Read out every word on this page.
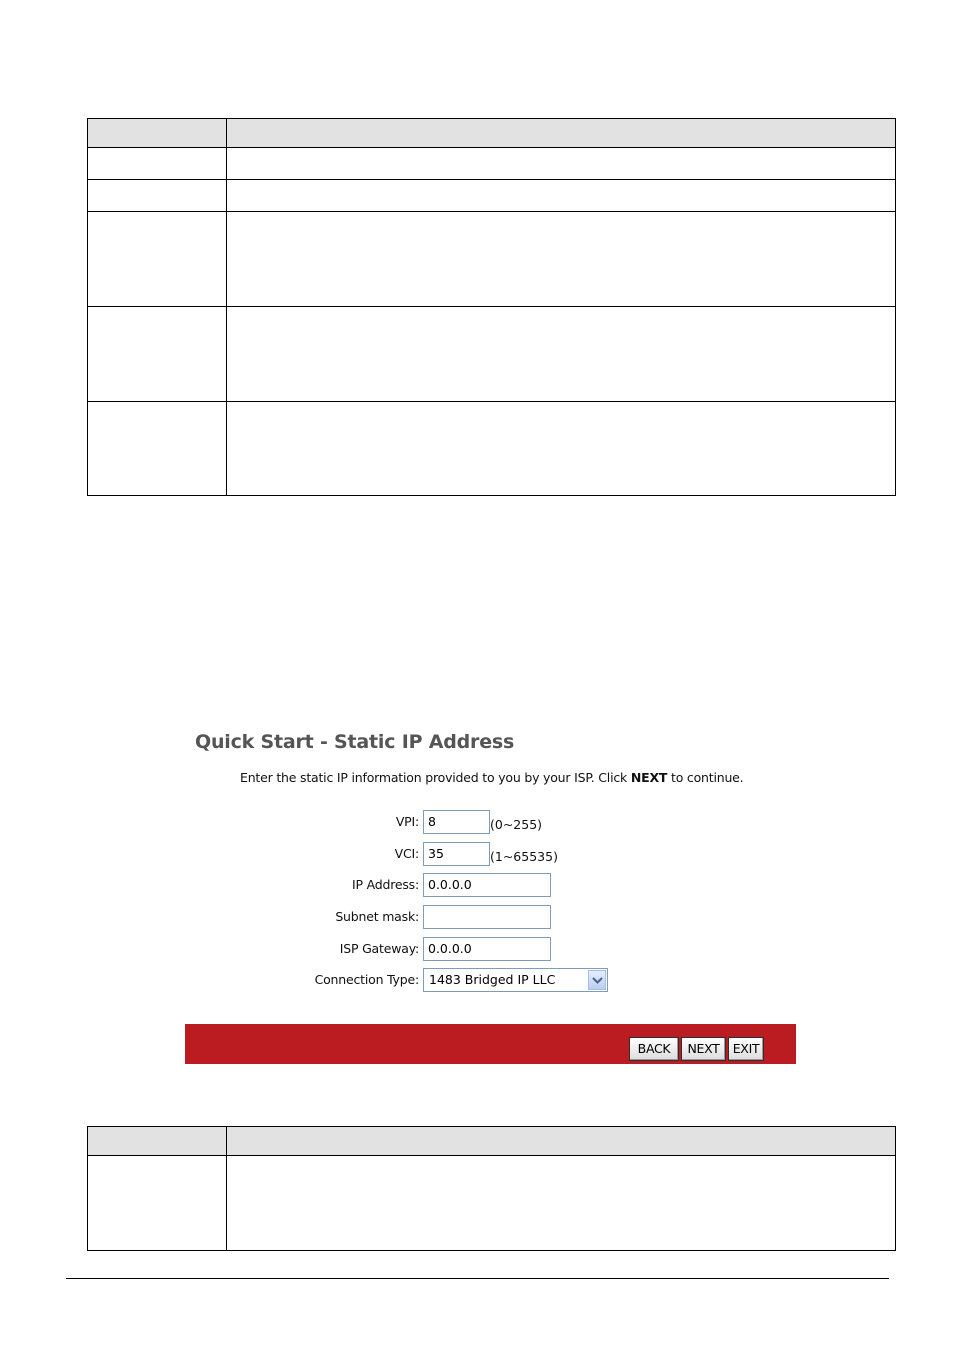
Quick Start - Static IP Address
Enter the static IP information provided to you by your ISP. Click NEXT to continue.
VPI: 8	(0~255)
VCI: 35	(1~65535)
IP Address: 0.0.0.0
Subnet mask:
ISP Gateway: 0.0.0.0
Connection Type: 1483 Bridged IP LLC
BACK	NEXT	EXIT
